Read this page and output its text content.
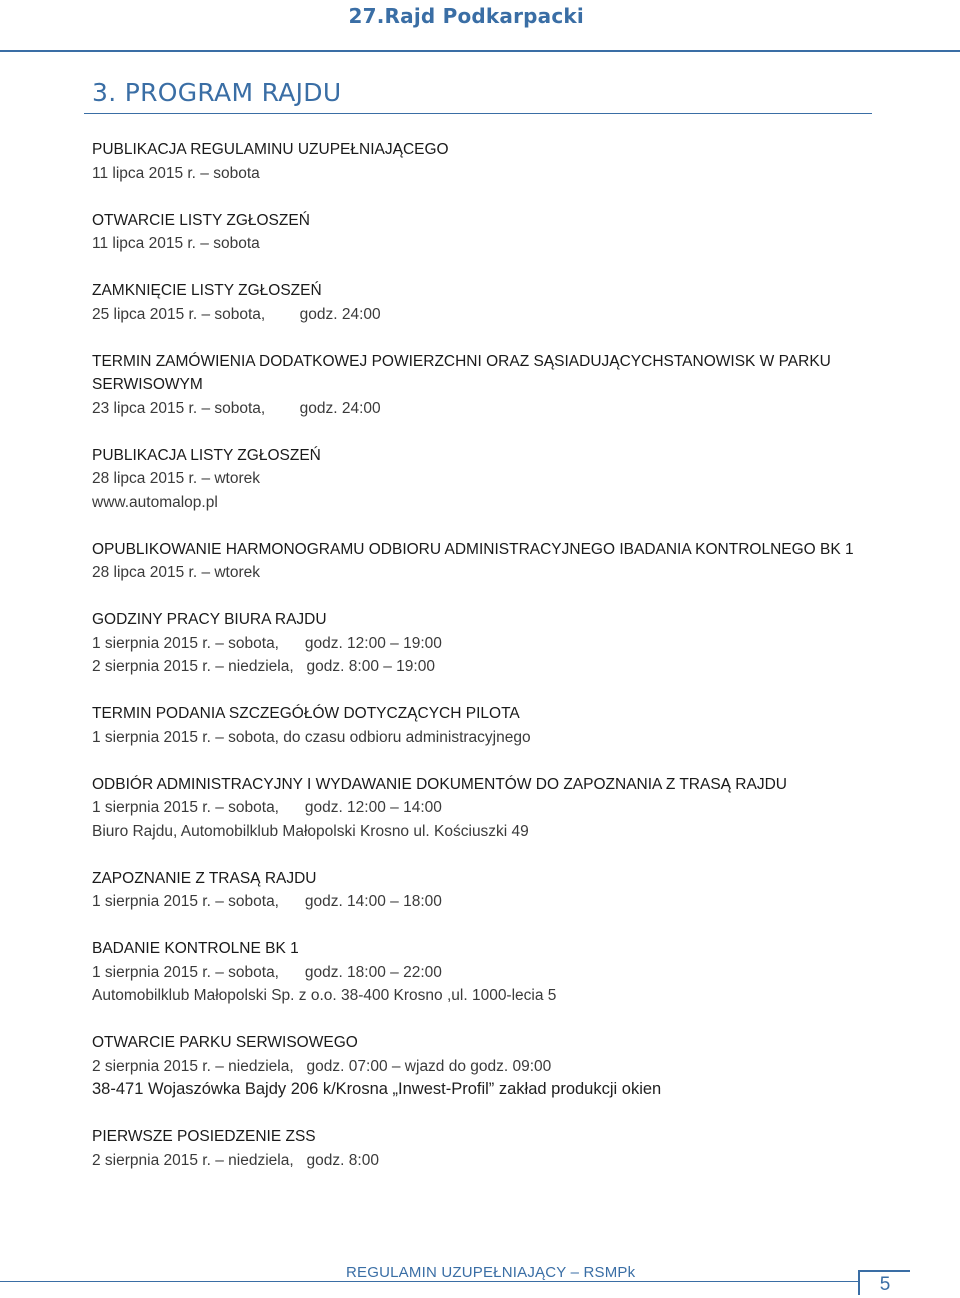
27.Rajd Podkarpacki
3. PROGRAM RAJDU
PUBLIKACJA REGULAMINU UZUPEŁNIAJĄCEGO
11 lipca 2015 r. – sobota
OTWARCIE LISTY ZGŁOSZEŃ
11 lipca 2015 r. – sobota
ZAMKNIĘCIE LISTY ZGŁOSZEŃ
25 lipca 2015 r. – sobota,        godz. 24:00
TERMIN ZAMÓWIENIA DODATKOWEJ POWIERZCHNI ORAZ SĄSIADUJĄCYCHSTANOWISK W PARKU
SERWISOWYM
23 lipca 2015 r. – sobota,        godz. 24:00
PUBLIKACJA LISTY ZGŁOSZEŃ
28 lipca 2015 r. – wtorek
www.automalop.pl
OPUBLIKOWANIE HARMONOGRAMU ODBIORU ADMINISTRACYJNEGO IBADANIA KONTROLNEGO BK 1
28 lipca 2015 r. – wtorek
GODZINY PRACY BIURA RAJDU
1 sierpnia 2015 r. – sobota,      godz. 12:00 – 19:00
2 sierpnia 2015 r. – niedziela,   godz. 8:00 – 19:00
TERMIN PODANIA SZCZEGÓŁÓW DOTYCZĄCYCH PILOTA
1 sierpnia 2015 r. – sobota, do czasu odbioru administracyjnego
ODBIÓR ADMINISTRACYJNY I WYDAWANIE DOKUMENTÓW DO ZAPOZNANIA Z TRASĄ RAJDU
1 sierpnia 2015 r. – sobota,      godz. 12:00 – 14:00
Biuro Rajdu, Automobilklub Małopolski Krosno ul. Kościuszki 49
ZAPOZNANIE Z TRASĄ RAJDU
1 sierpnia 2015 r. – sobota,      godz. 14:00 – 18:00
BADANIE KONTROLNE BK 1
1 sierpnia 2015 r. – sobota,      godz. 18:00 – 22:00
Automobilklub Małopolski Sp. z o.o. 38-400 Krosno ,ul. 1000-lecia 5
OTWARCIE PARKU SERWISOWEGO
2 sierpnia 2015 r. – niedziela,   godz. 07:00 – wjazd do godz. 09:00
38-471 Wojaszówka Bajdy 206 k/Krosna „Inwest-Profil” zakład produkcji okien
PIERWSZE POSIEDZENIE ZSS
2 sierpnia 2015 r. – niedziela,   godz. 8:00
REGULAMIN UZUPEŁNIAJĄCY – RSMPk
5
